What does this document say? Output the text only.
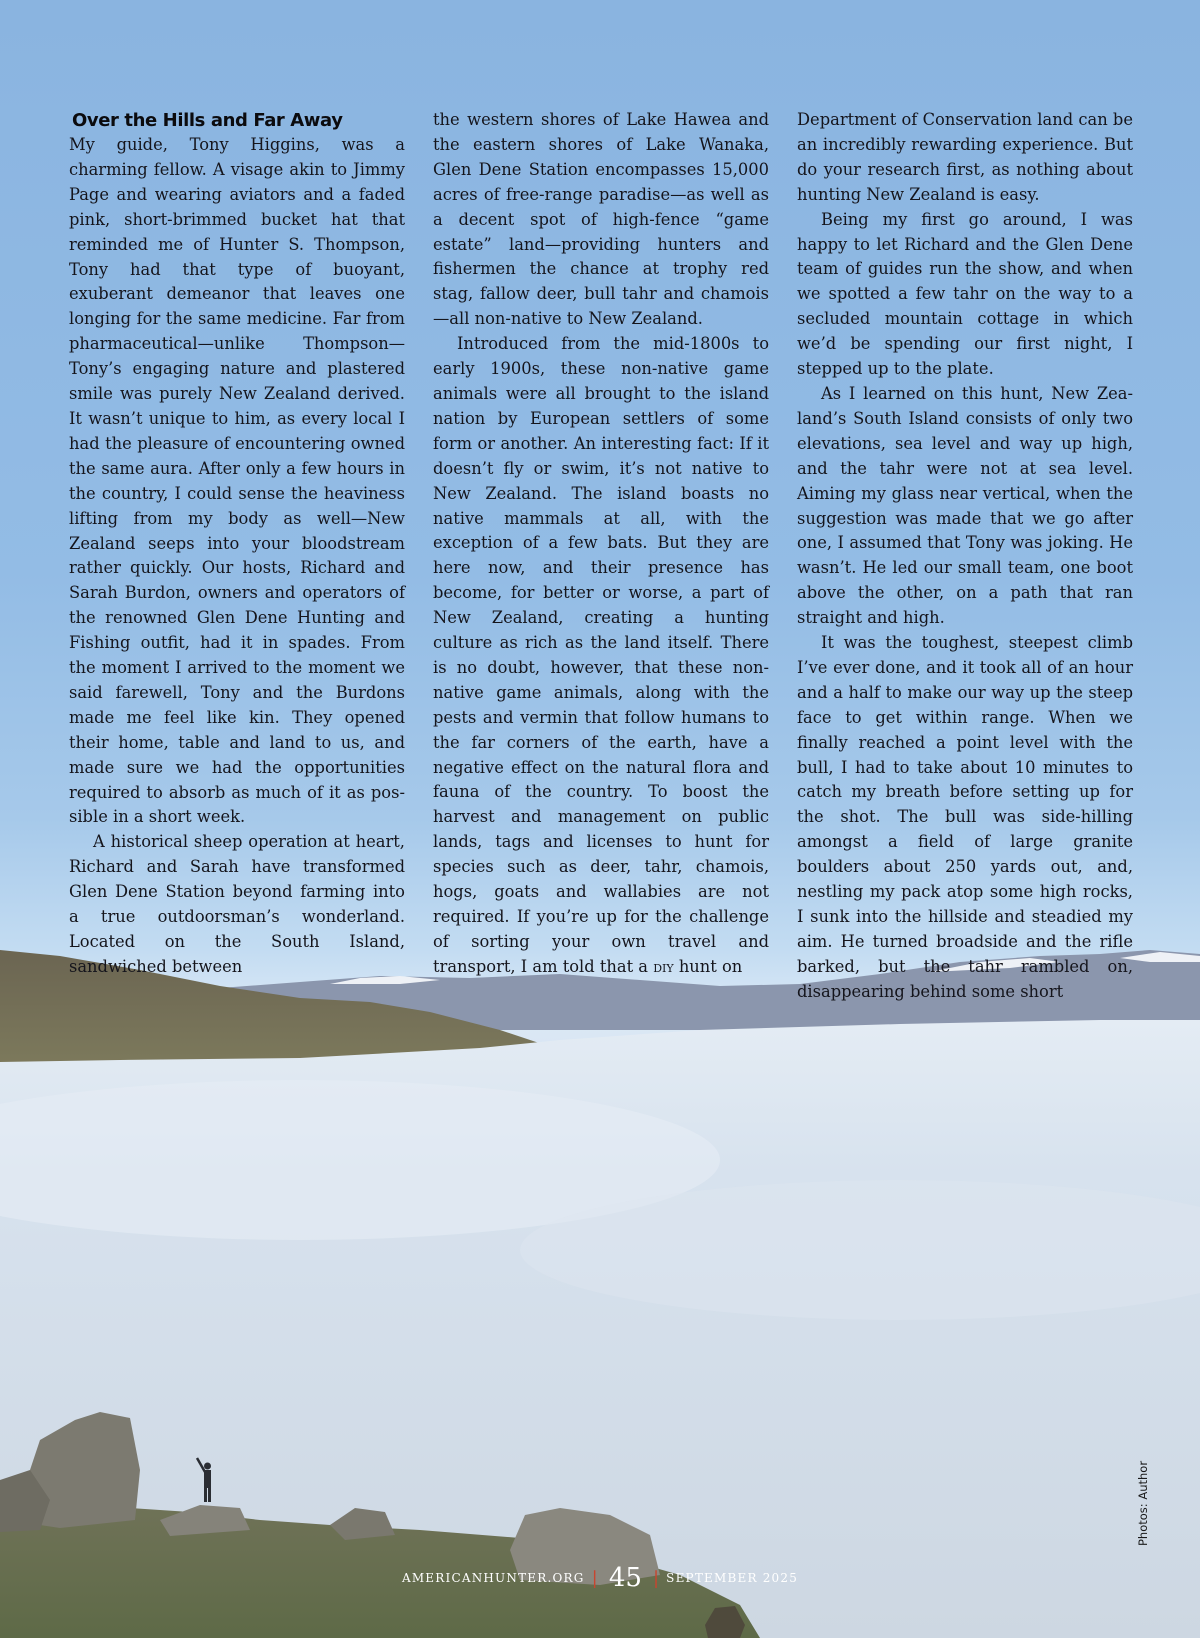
Over the Hills and Far Away

My guide, Tony Higgins, was a charming fellow. A visage akin to Jimmy Page and wearing aviators and a faded pink, short-brimmed bucket hat that reminded me of Hunter S. Thompson, Tony had that type of buoyant, exuberant demeanor that leaves one longing for the same medicine. Far from pharmaceutical—unlike Thompson—Tony’s engaging nature and plastered smile was purely New Zealand derived. It wasn’t unique to him, as every local I had the pleasure of encountering owned the same aura. After only a few hours in the country, I could sense the heaviness lifting from my body as well—New Zealand seeps into your bloodstream rather quickly. Our hosts, Richard and Sarah Burdon, owners and operators of the renowned Glen Dene Hunting and Fishing outfit, had it in spades. From the moment I arrived to the moment we said farewell, Tony and the Burdons made me feel like kin. They opened their home, table and land to us, and made sure we had the opportunities required to absorb as much of it as possible in a short week.

A historical sheep operation at heart, Richard and Sarah have transformed Glen Dene Station beyond farming into a true outdoorsman’s wonderland. Located on the South Island, sandwiched between

the western shores of Lake Hawea and the eastern shores of Lake Wanaka, Glen Dene Station encompasses 15,000 acres of free-range paradise—as well as a decent spot of high-fence “game estate” land—providing hunters and fishermen the chance at trophy red stag, fallow deer, bull tahr and chamois—all non-native to New Zealand.

Introduced from the mid-1800s to early 1900s, these non-native game animals were all brought to the island nation by European settlers of some form or another. An interesting fact: If it doesn’t fly or swim, it’s not native to New Zealand. The island boasts no native mammals at all, with the exception of a few bats. But they are here now, and their presence has become, for better or worse, a part of New Zealand, creating a hunting culture as rich as the land itself. There is no doubt, however, that these non-native game animals, along with the pests and vermin that follow humans to the far corners of the earth, have a negative effect on the natural flora and fauna of the country. To boost the harvest and management on public lands, tags and licenses to hunt for species such as deer, tahr, chamois, hogs, goats and wallabies are not required. If you’re up for the challenge of sorting your own travel and transport, I am told that a diy hunt on

Department of Conservation land can be an incredibly rewarding experience. But do your research first, as nothing about hunting New Zealand is easy.

Being my first go around, I was happy to let Richard and the Glen Dene team of guides run the show, and when we spotted a few tahr on the way to a secluded mountain cottage in which we’d be spending our first night, I stepped up to the plate.

As I learned on this hunt, New Zealand’s South Island consists of only two elevations, sea level and way up high, and the tahr were not at sea level. Aiming my glass near vertical, when the suggestion was made that we go after one, I assumed that Tony was joking. He wasn’t. He led our small team, one boot above the other, on a path that ran straight and high.

It was the toughest, steepest climb I’ve ever done, and it took all of an hour and a half to make our way up the steep face to get within range. When we finally reached a point level with the bull, I had to take about 10 minutes to catch my breath before setting up for the shot. The bull was side-hilling amongst a field of large granite boulders about 250 yards out, and, nestling my pack atop some high rocks, I sunk into the hillside and steadied my aim. He turned broadside and the rifle barked, but the tahr rambled on, disappearing behind some short

AMERICANHUNTER.ORG | 45 | SEPTEMBER 2025
Photos: Author
